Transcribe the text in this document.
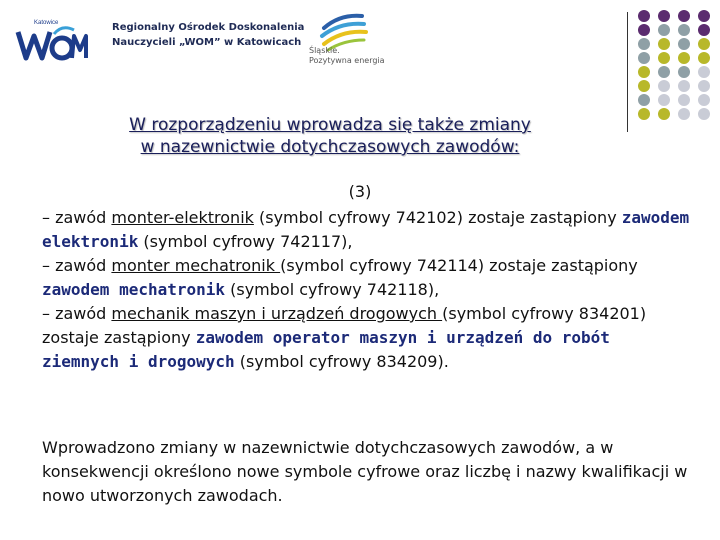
Katowice	Regionalny Ośrodek Doskonalenia
Nauczycieli „WOM” w Katowicach
Śląskie.
Pozytywna energia
W rozporządzeniu wprowadza się także zmiany
w nazewnictwie dotychczasowych zawodów:
(3)

– zawód monter-elektronik (symbol cyfrowy 742102) zostaje zastąpiony zawodem elektronik (symbol cyfrowy 742117),

– zawód monter mechatronik (symbol cyfrowy 742114) zostaje zastąpiony zawodem mechatronik (symbol cyfrowy 742118),

– zawód mechanik maszyn i urządzeń drogowych (symbol cyfrowy 834201) zostaje zastąpiony zawodem operator maszyn i urządzeń do robót ziemnych i drogowych (symbol cyfrowy 834209).

Wprowadzono zmiany w nazewnictwie dotychczasowych zawodów, a w konsekwencji określono nowe symbole cyfrowe oraz liczbę i nazwy kwalifikacji w nowo utworzonych zawodach.
